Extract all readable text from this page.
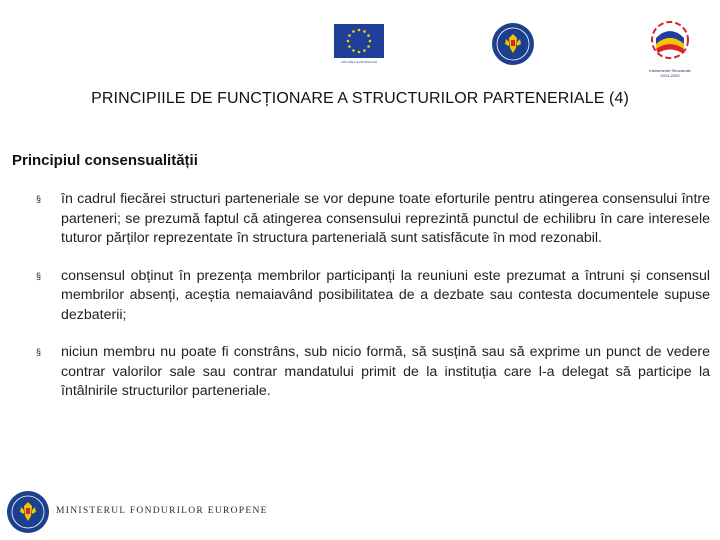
UNIUNEA EUROPEANĂ
Instrumente Structurale
2014-2020
PRINCIPIILE DE FUNCȚIONARE A STRUCTURILOR PARTENERIALE (4)
Principiul consensualității
§ în cadrul fiecărei structuri parteneriale se vor depune toate eforturile pentru atingerea consensului între parteneri; se prezumă faptul că atingerea consensului reprezintă punctul de echilibru în care interesele tuturor părților reprezentate în structura partenerială sunt satisfăcute în mod rezonabil.
§ consensul obținut în prezența membrilor participanți la reuniuni este prezumat a întruni și consensul membrilor absenți, aceștia nemaiavând posibilitatea de a dezbate sau contesta documentele supuse dezbaterii;
§ niciun membru nu poate fi constrâns, sub nicio formă, să susțină sau să exprime un punct de vedere contrar valorilor sale sau contrar mandatului primit de la instituția care l-a delegat să participe la întâlnirile structurilor parteneriale.
MINISTERUL FONDURILOR EUROPENE
